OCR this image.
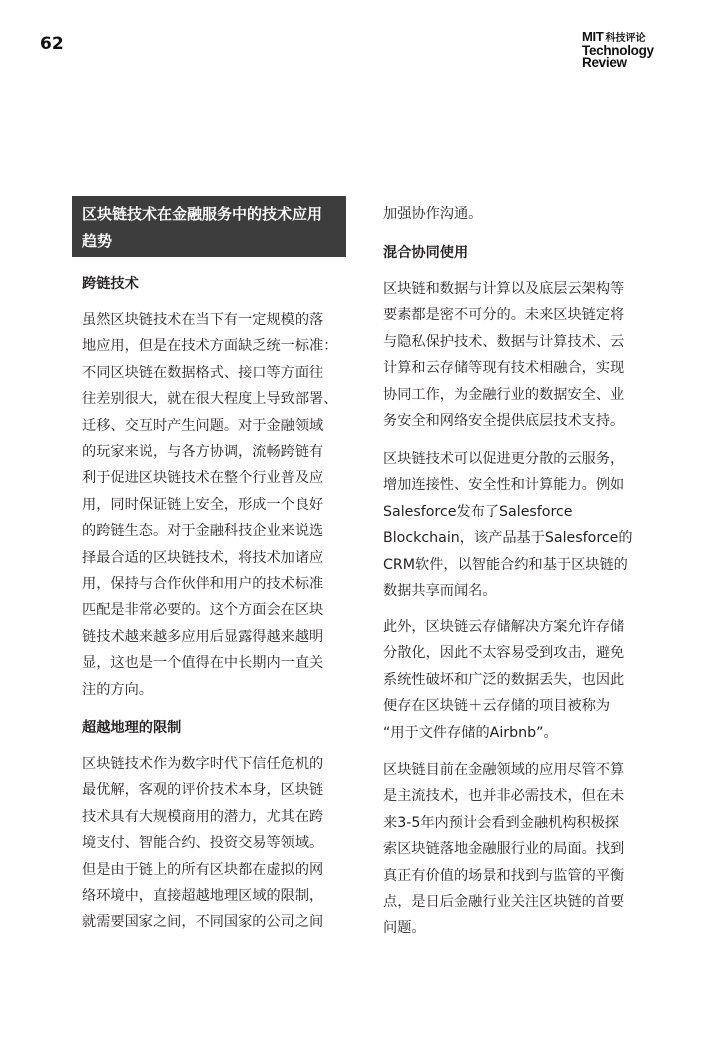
62	MIT 科技评论
Technology
Review
区块链技术在金融服务中的技术应用
趋势
跨链技术
虽然区块链技术在当下有一定规模的落
地应用，但是在技术方面缺乏统一标准：
不同区块链在数据格式、接口等方面往
往差别很大，就在很大程度上导致部署、
迁移、交互时产生问题。对于金融领域
的玩家来说，与各方协调，流畅跨链有
利于促进区块链技术在整个行业普及应
用，同时保证链上安全，形成一个良好
的跨链生态。对于金融科技企业来说选
择最合适的区块链技术，将技术加诸应
用，保持与合作伙伴和用户的技术标准
匹配是非常必要的。这个方面会在区块
链技术越来越多应用后显露得越来越明
显，这也是一个值得在中长期内一直关
注的方向。
超越地理的限制
区块链技术作为数字时代下信任危机的
最优解，客观的评价技术本身，区块链
技术具有大规模商用的潜力，尤其在跨
境支付、智能合约、投资交易等领域。
但是由于链上的所有区块都在虚拟的网
络环境中，直接超越地理区域的限制，
就需要国家之间，不同国家的公司之间
加强协作沟通。
混合协同使用
区块链和数据与计算以及底层云架构等
要素都是密不可分的。未来区块链定将
与隐私保护技术、数据与计算技术、云
计算和云存储等现有技术相融合，实现
协同工作，为金融行业的数据安全、业
务安全和网络安全提供底层技术支持。
区块链技术可以促进更分散的云服务，
增加连接性、安全性和计算能力。例如
Salesforce发布了Salesforce
Blockchain，该产品基于Salesforce的
CRM软件，以智能合约和基于区块链的
数据共享而闻名。
此外，区块链云存储解决方案允许存储
分散化，因此不太容易受到攻击，避免
系统性破坏和广泛的数据丢失，也因此
便存在区块链＋云存储的项目被称为
“用于文件存储的Airbnb”。
区块链目前在金融领域的应用尽管不算
是主流技术，也并非必需技术，但在未
来3-5年内预计会看到金融机构积极探
索区块链落地金融服行业的局面。找到
真正有价值的场景和找到与监管的平衡
点，是日后金融行业关注区块链的首要
问题。
